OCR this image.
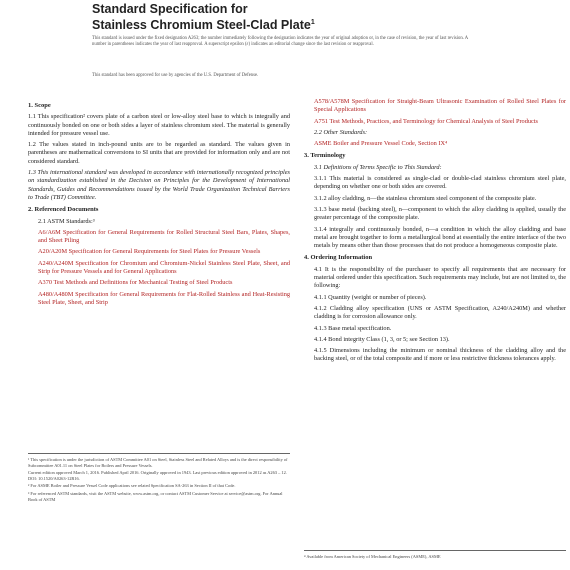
Standard Specification for
Stainless Chromium Steel-Clad Plate$^1$
This standard is issued under the fixed designation A263; the number immediately following the designation indicates the year of original adoption or, in the case of revision, the year of last revision. A number in parentheses indicates the year of last reapproval. A superscript epsilon (ε) indicates an editorial change since the last revision or reapproval.
This standard has been approved for use by agencies of the U.S. Department of Defense.
1. Scope

1.1 This specification² covers plate of a carbon steel or low-alloy steel base to which is integrally and continuously bonded on one or both sides a layer of stainless chromium steel. The material is generally intended for pressure vessel use.

1.2 The values stated in inch-pound units are to be regarded as standard. The values given in parentheses are mathematical conversions to SI units that are provided for information only and are not considered standard.

1.3 This international standard was developed in accordance with internationally recognized principles on standardization established in the Decision on Principles for the Development of International Standards, Guides and Recommendations issued by the World Trade Organization Technical Barriers to Trade (TBT) Committee.

2. Referenced Documents

2.1 ASTM Standards:³

A6/A6M Specification for General Requirements for Rolled Structural Steel Bars, Plates, Shapes, and Sheet Piling

A20/A20M Specification for General Requirements for Steel Plates for Pressure Vessels

A240/A240M Specification for Chromium and Chromium-Nickel Stainless Steel Plate, Sheet, and Strip for Pressure Vessels and for General Applications

A370 Test Methods and Definitions for Mechanical Testing of Steel Products

A480/A480M Specification for General Requirements for Flat-Rolled Stainless and Heat-Resisting Steel Plate, Sheet, and Strip

A578/A578M Specification for Straight-Beam Ultrasonic Examination of Rolled Steel Plates for Special Applications

A751 Test Methods, Practices, and Terminology for Chemical Analysis of Steel Products

2.2 Other Standards:

ASME Boiler and Pressure Vessel Code, Section IX⁴

3. Terminology

3.1 Definitions of Terms Specific to This Standard:

3.1.1 This material is considered as single-clad or double-clad stainless chromium steel plate, depending on whether one or both sides are covered.

3.1.2 alloy cladding, n—the stainless chromium steel component of the composite plate.

3.1.3 base metal (backing steel), n—component to which the alloy cladding is applied, usually the greater percentage of the composite plate.

3.1.4 integrally and continuously bonded, n—a condition in which the alloy cladding and base metal are brought together to form a metallurgical bond at essentially the entire interface of the two metals by means other than those processes that do not produce a homogeneous composite plate.

4. Ordering Information

4.1 It is the responsibility of the purchaser to specify all requirements that are necessary for material ordered under this specification. Such requirements may include, but are not limited to, the following:

4.1.1 Quantity (weight or number of pieces).

4.1.2 Cladding alloy specification (UNS or ASTM Specification, A240/A240M) and whether cladding is for corrosion allowance only.

4.1.3 Base metal specification.

4.1.4 Bond integrity Class (1, 3, or 5; see Section 13).

4.1.5 Dimensions including the minimum or nominal thickness of the cladding alloy and the backing steel, or of the total composite and if more or less restrictive thickness tolerances apply.

¹ This specification is under the jurisdiction of ASTM Committee A01 on Steel, Stainless Steel and Related Alloys and is the direct responsibility of Subcommittee A01.11 on Steel Plates for Boilers and Pressure Vessels.

Current edition approved March 1, 2016. Published April 2016. Originally approved in 1943. Last previous edition approved in 2012 as A263 – 12. DOI: 10.1520/A0263-12R16.

² For ASME Boiler and Pressure Vessel Code applications see related Specification SA-263 in Section II of that Code.

³ For referenced ASTM standards, visit the ASTM website, www.astm.org, or contact ASTM Customer Service at service@astm.org. For Annual Book of ASTM

⁴ Available from American Society of Mechanical Engineers (ASME), ASME
